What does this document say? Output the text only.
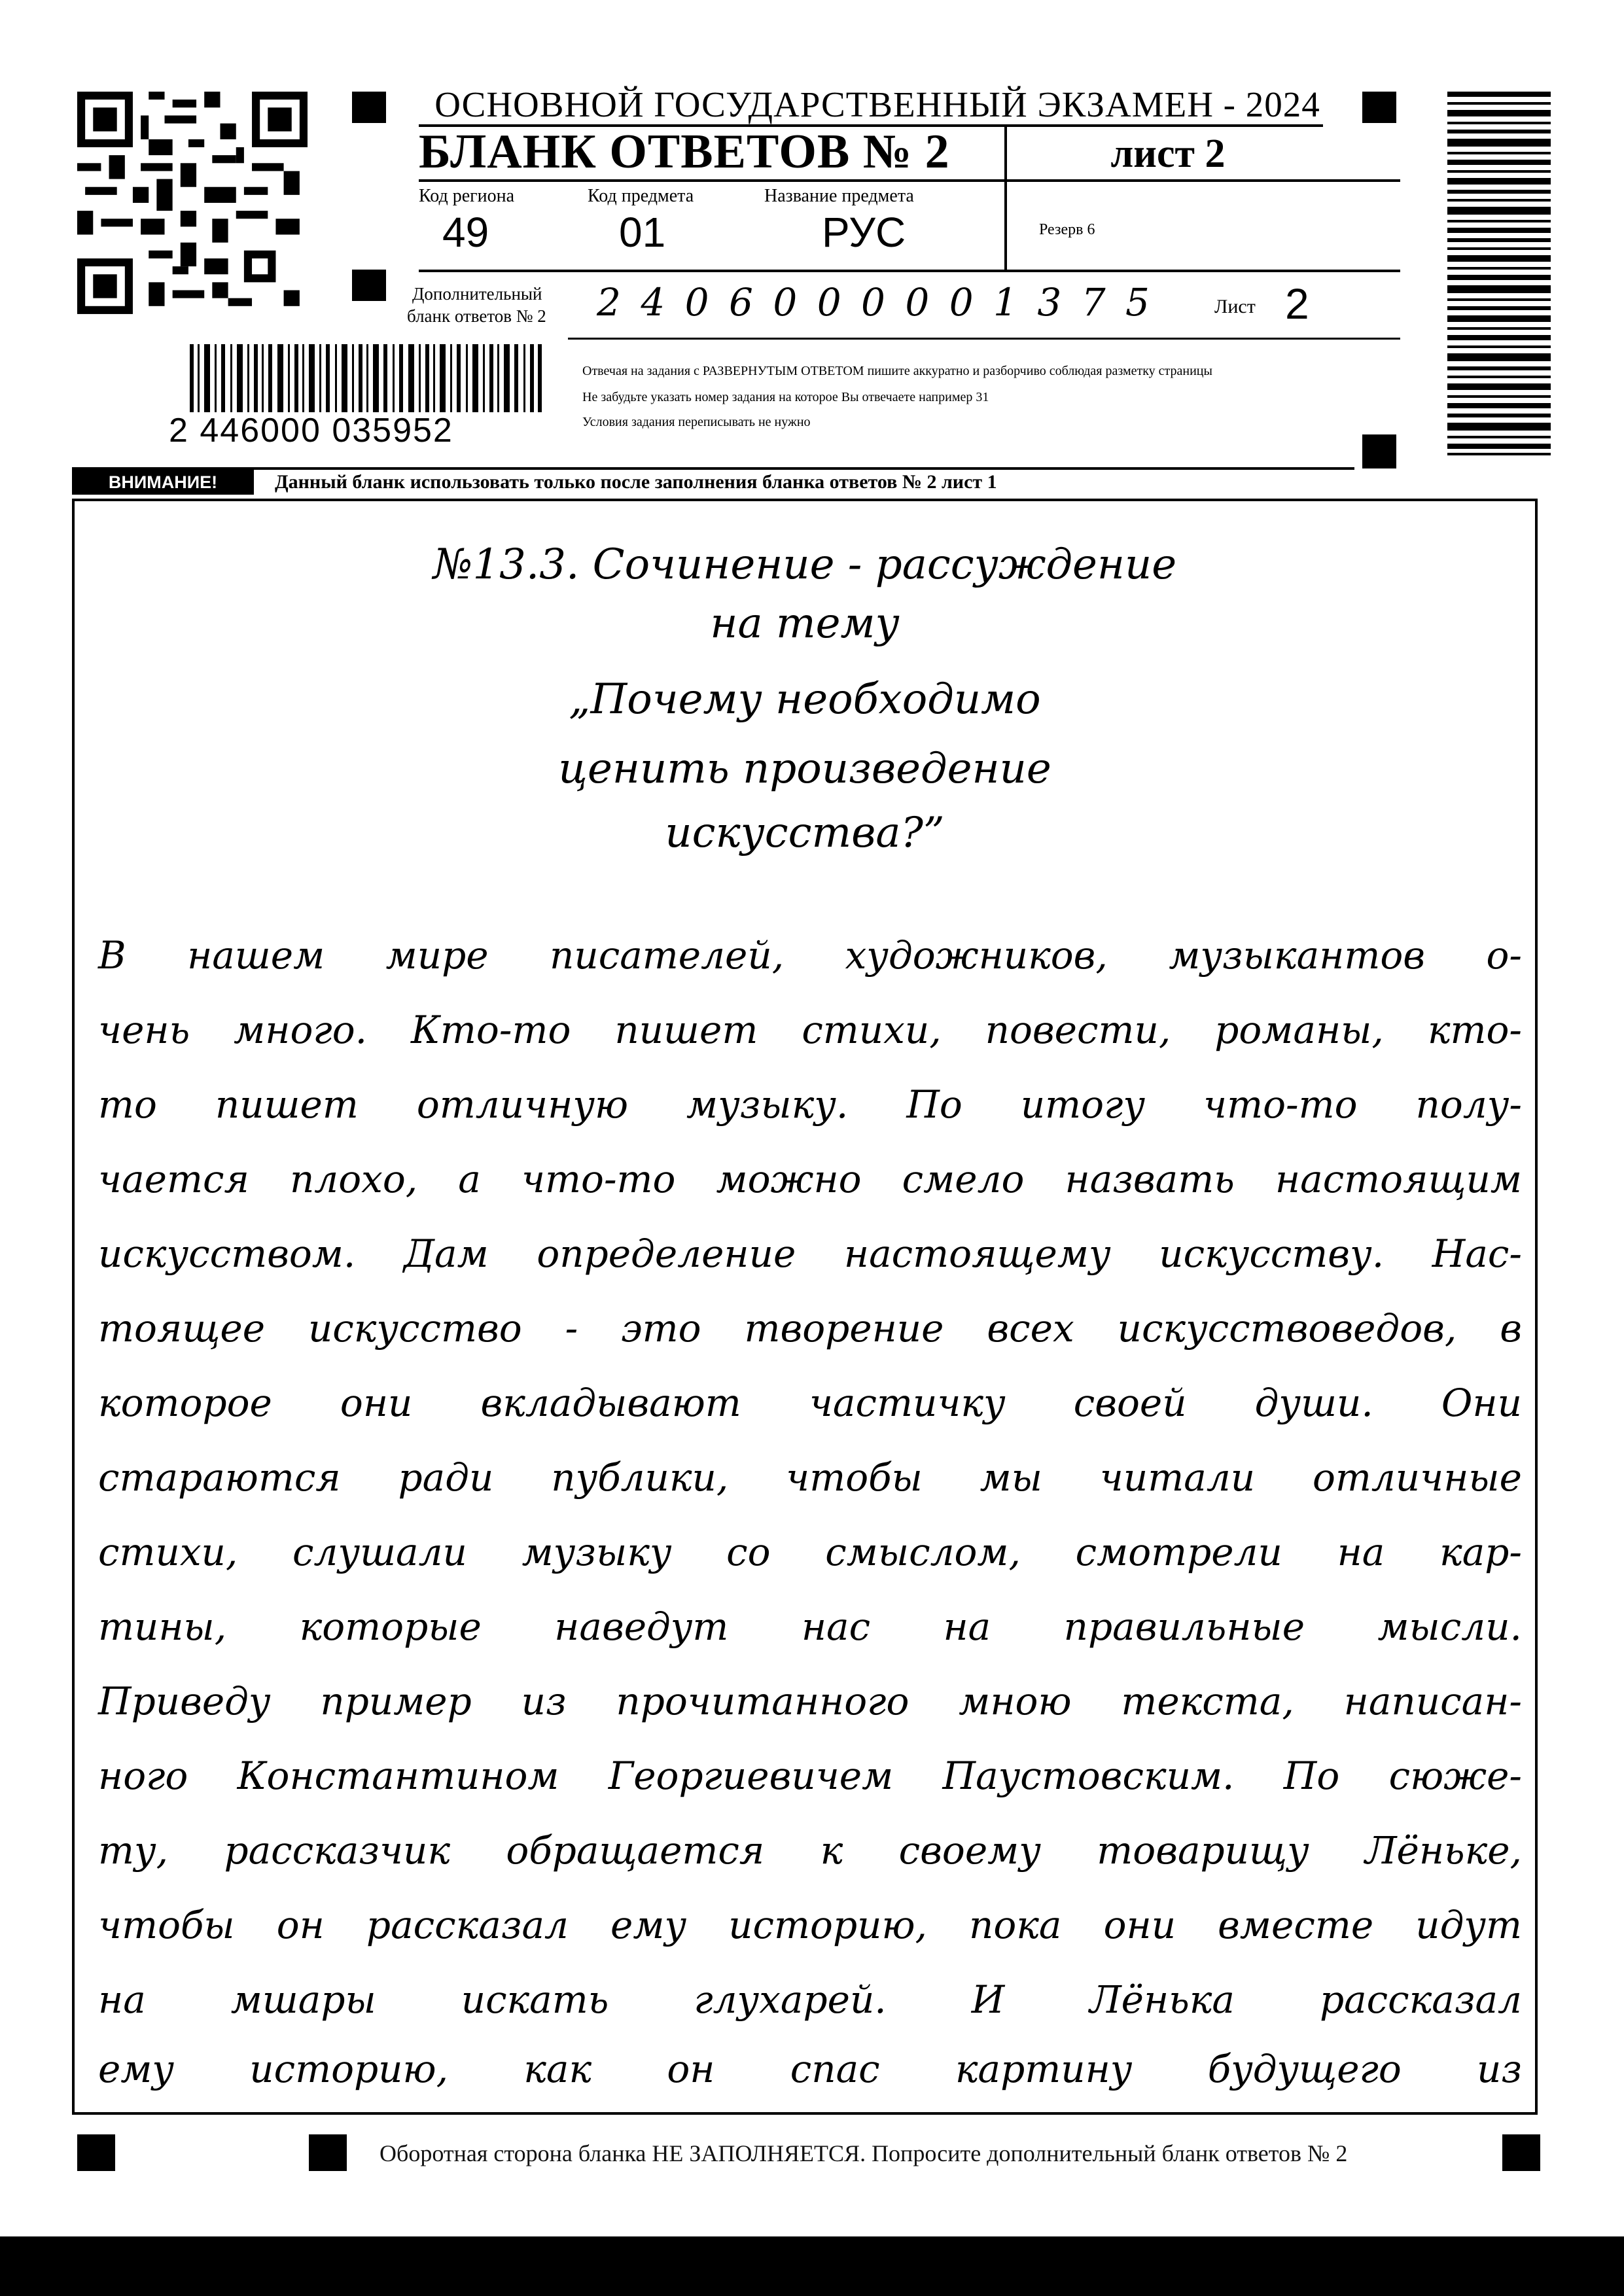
ОСНОВНОЙ ГОСУДАРСТВЕННЫЙ ЭКЗАМЕН - 2024
БЛАНК ОТВЕТОВ № 2	лист 2
Код региона	Код предмета	Название предмета
49	01	РУС	Резерв 6
Дополнительный
бланк ответов № 2 2 4 0 6 0 0 0 0 0 1 3 7 5	Лист 2
2 446000 035952
Отвечая на задания с РАЗВЕРНУТЫМ ОТВЕТОМ пишите аккуратно и разборчиво соблюдая разметку страницы
Не забудьте указать номер задания на которое Вы отвечаете например 31
Условия задания переписывать не нужно
ВНИМАНИЕ!	Данный бланк использовать только после заполнения бланка ответов № 2 лист 1
№13.3. Сочинение - рассуждение
на тему
„Почему необходимо
ценить произведение
искусства?”
В нашем мире писателей, художников, музыкантов о-
чень много. Кто-то пишет стихи, повести, романы, кто-
то пишет отличную музыку. По итогу что-то полу-
чается плохо, а что-то можно смело назвать настоящим
искусством. Дам определение настоящему искусству. Нас-
тоящее искусство - это творение всех искусствоведов, в
которое они вкладывают частичку своей души. Они
стараются ради публики, чтобы мы читали отличные
стихи, слушали музыку со смыслом, смотрели на кар-
тины, которые наведут нас на правильные мысли.
Приведу пример из прочитанного мною текста, написан-
ного Константином Георгиевичем Паустовским. По сюже-
ту, рассказчик обращается к своему товарищу Лёньке,
чтобы он рассказал ему историю, пока они вместе идут
на мшары искать глухарей. И Лёнька рассказал
ему историю, как он спас картину будущего из
Оборотная сторона бланка НЕ ЗАПОЛНЯЕТСЯ. Попросите дополнительный бланк ответов № 2
